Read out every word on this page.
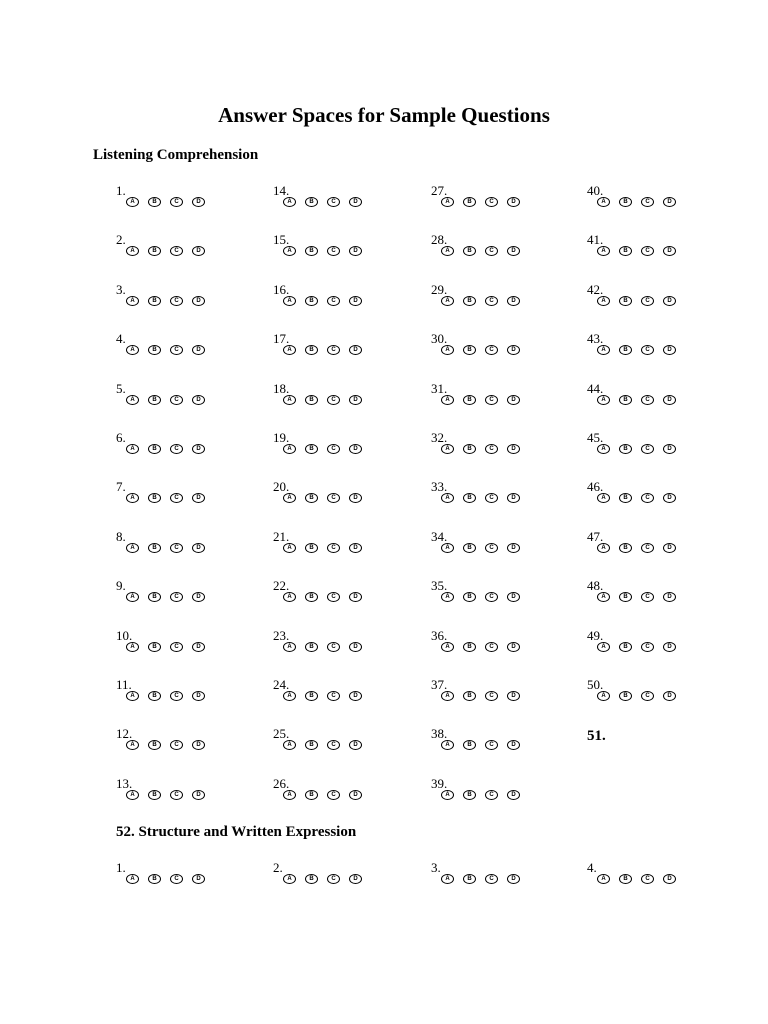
Answer Spaces for Sample Questions
Listening Comprehension
1.
A	B	C	D
2.
A	B	C	D
3.
A	B	C	D
4.
A	B	C	D
5.
A	B	C	D
6.
A	B	C	D
7.
A	B	C	D
8.
A	B	C	D
9.
A	B	C	D
10.
A	B	C	D
11.
A	B	C	D
12.
A	B	C	D
13.
A	B	C	D
14.
A	B	C	D
15.
A	B	C	D
16.
A	B	C	D
17.
A	B	C	D
18.
A	B	C	D
19.
A	B	C	D
20.
A	B	C	D
21.
A	B	C	D
22.
A	B	C	D
23.
A	B	C	D
24.
A	B	C	D
25.
A	B	C	D
26.
A	B	C	D
27.
A	B	C	D
28.
A	B	C	D
29.
A	B	C	D
30.
A	B	C	D
31.
A	B	C	D
32.
A	B	C	D
33.
A	B	C	D
34.
A	B	C	D
35.
A	B	C	D
36.
A	B	C	D
37.
A	B	C	D
38.
A	B	C	D
39.
A	B	C	D
40.
A	B	C	D
41.
A	B	C	D
42.
A	B	C	D
43.
A	B	C	D
44.
A	B	C	D
45.
A	B	C	D
46.
A	B	C	D
47.
A	B	C	D
48.
A	B	C	D
49.
A	B	C	D
50.
A	B	C	D
51.
52. Structure and Written Expression
1.
A	B	C	D
2.
A	B	C	D
3.
A	B	C	D
4.
A	B	C	D
